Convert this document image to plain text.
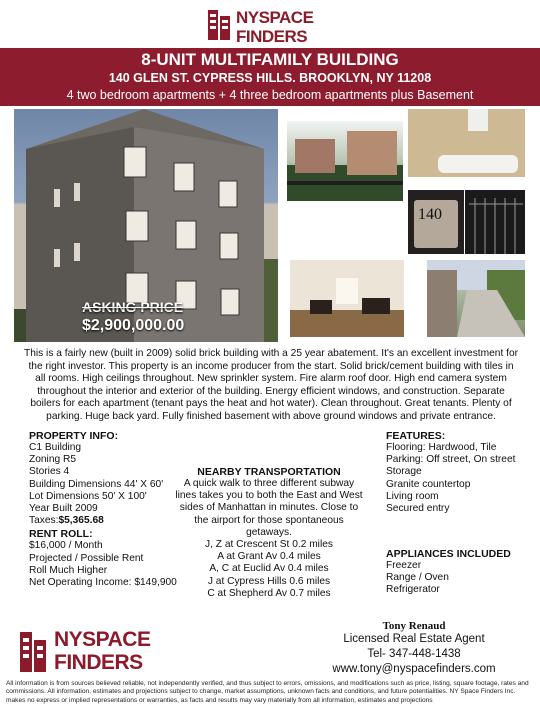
NYSPACE
FINDERS
8-UNIT MULTIFAMILY BUILDING
140 GLEN ST. CYPRESS HILLS. BROOKLYN, NY 11208
4 two bedroom apartments + 4 three bedroom apartments plus Basement
ASKING PRICE
$2,900,000.00
140
This is a fairly new (built in 2009) solid brick building with a 25 year abatement. It's an excellent investment for the right investor. This property is an income producer from the start. Solid brick/cement building with tiles in all rooms. High ceilings throughout. New sprinkler system. Fire alarm roof door. High end camera system throughout the interior and exterior of the building. Energy efficient windows, and construction. Separate boilers for each apartment (tenant pays the heat and hot water). Clean throughout. Great tenants. Plenty of parking. Huge back yard. Fully finished basement with above ground windows and private entrance.
PROPERTY INFO:
C1 Building
Zoning R5
Stories 4
Building Dimensions 44' X 60'
Lot Dimensions 50' X 100'
Year Built 2009
Taxes:$5,365.68
RENT ROLL:
$16,000 / Month
Projected / Possible Rent
Roll Much Higher
Net Operating Income: $149,900
NEARBY TRANSPORTATION
A quick walk to three different subway lines takes you to both the East and West sides of Manhattan in minutes. Close to the airport for those spontaneous getaways.
J, Z at Crescent St 0.2 miles
A at Grant Av 0.4 miles
A, C at Euclid Av 0.4 miles
J at Cypress Hills 0.6 miles
C at Shepherd Av 0.7 miles
FEATURES:
Flooring: Hardwood, Tile
Parking: Off street, On street
Storage
Granite countertop
Living room
Secured entry
APPLIANCES INCLUDED
Freezer
Range / Oven
Refrigerator
NYSPACE
FINDERS
Tony Renaud
Licensed Real Estate Agent
Tel- 347-448-1438
www.tony@nyspacefinders.com
All information is from sources believed reliable, not independently verified, and thus subject to errors, omissions, and modifications such as price, listing, square footage, rates and commissions. All information, estimates and projections subject to change, market assumptions, unknown facts and conditions, and future potentialities. NY Space Finders Inc. makes no express or implied representations or warranties, as facts and results may vary materially from all information, estimates and projections
